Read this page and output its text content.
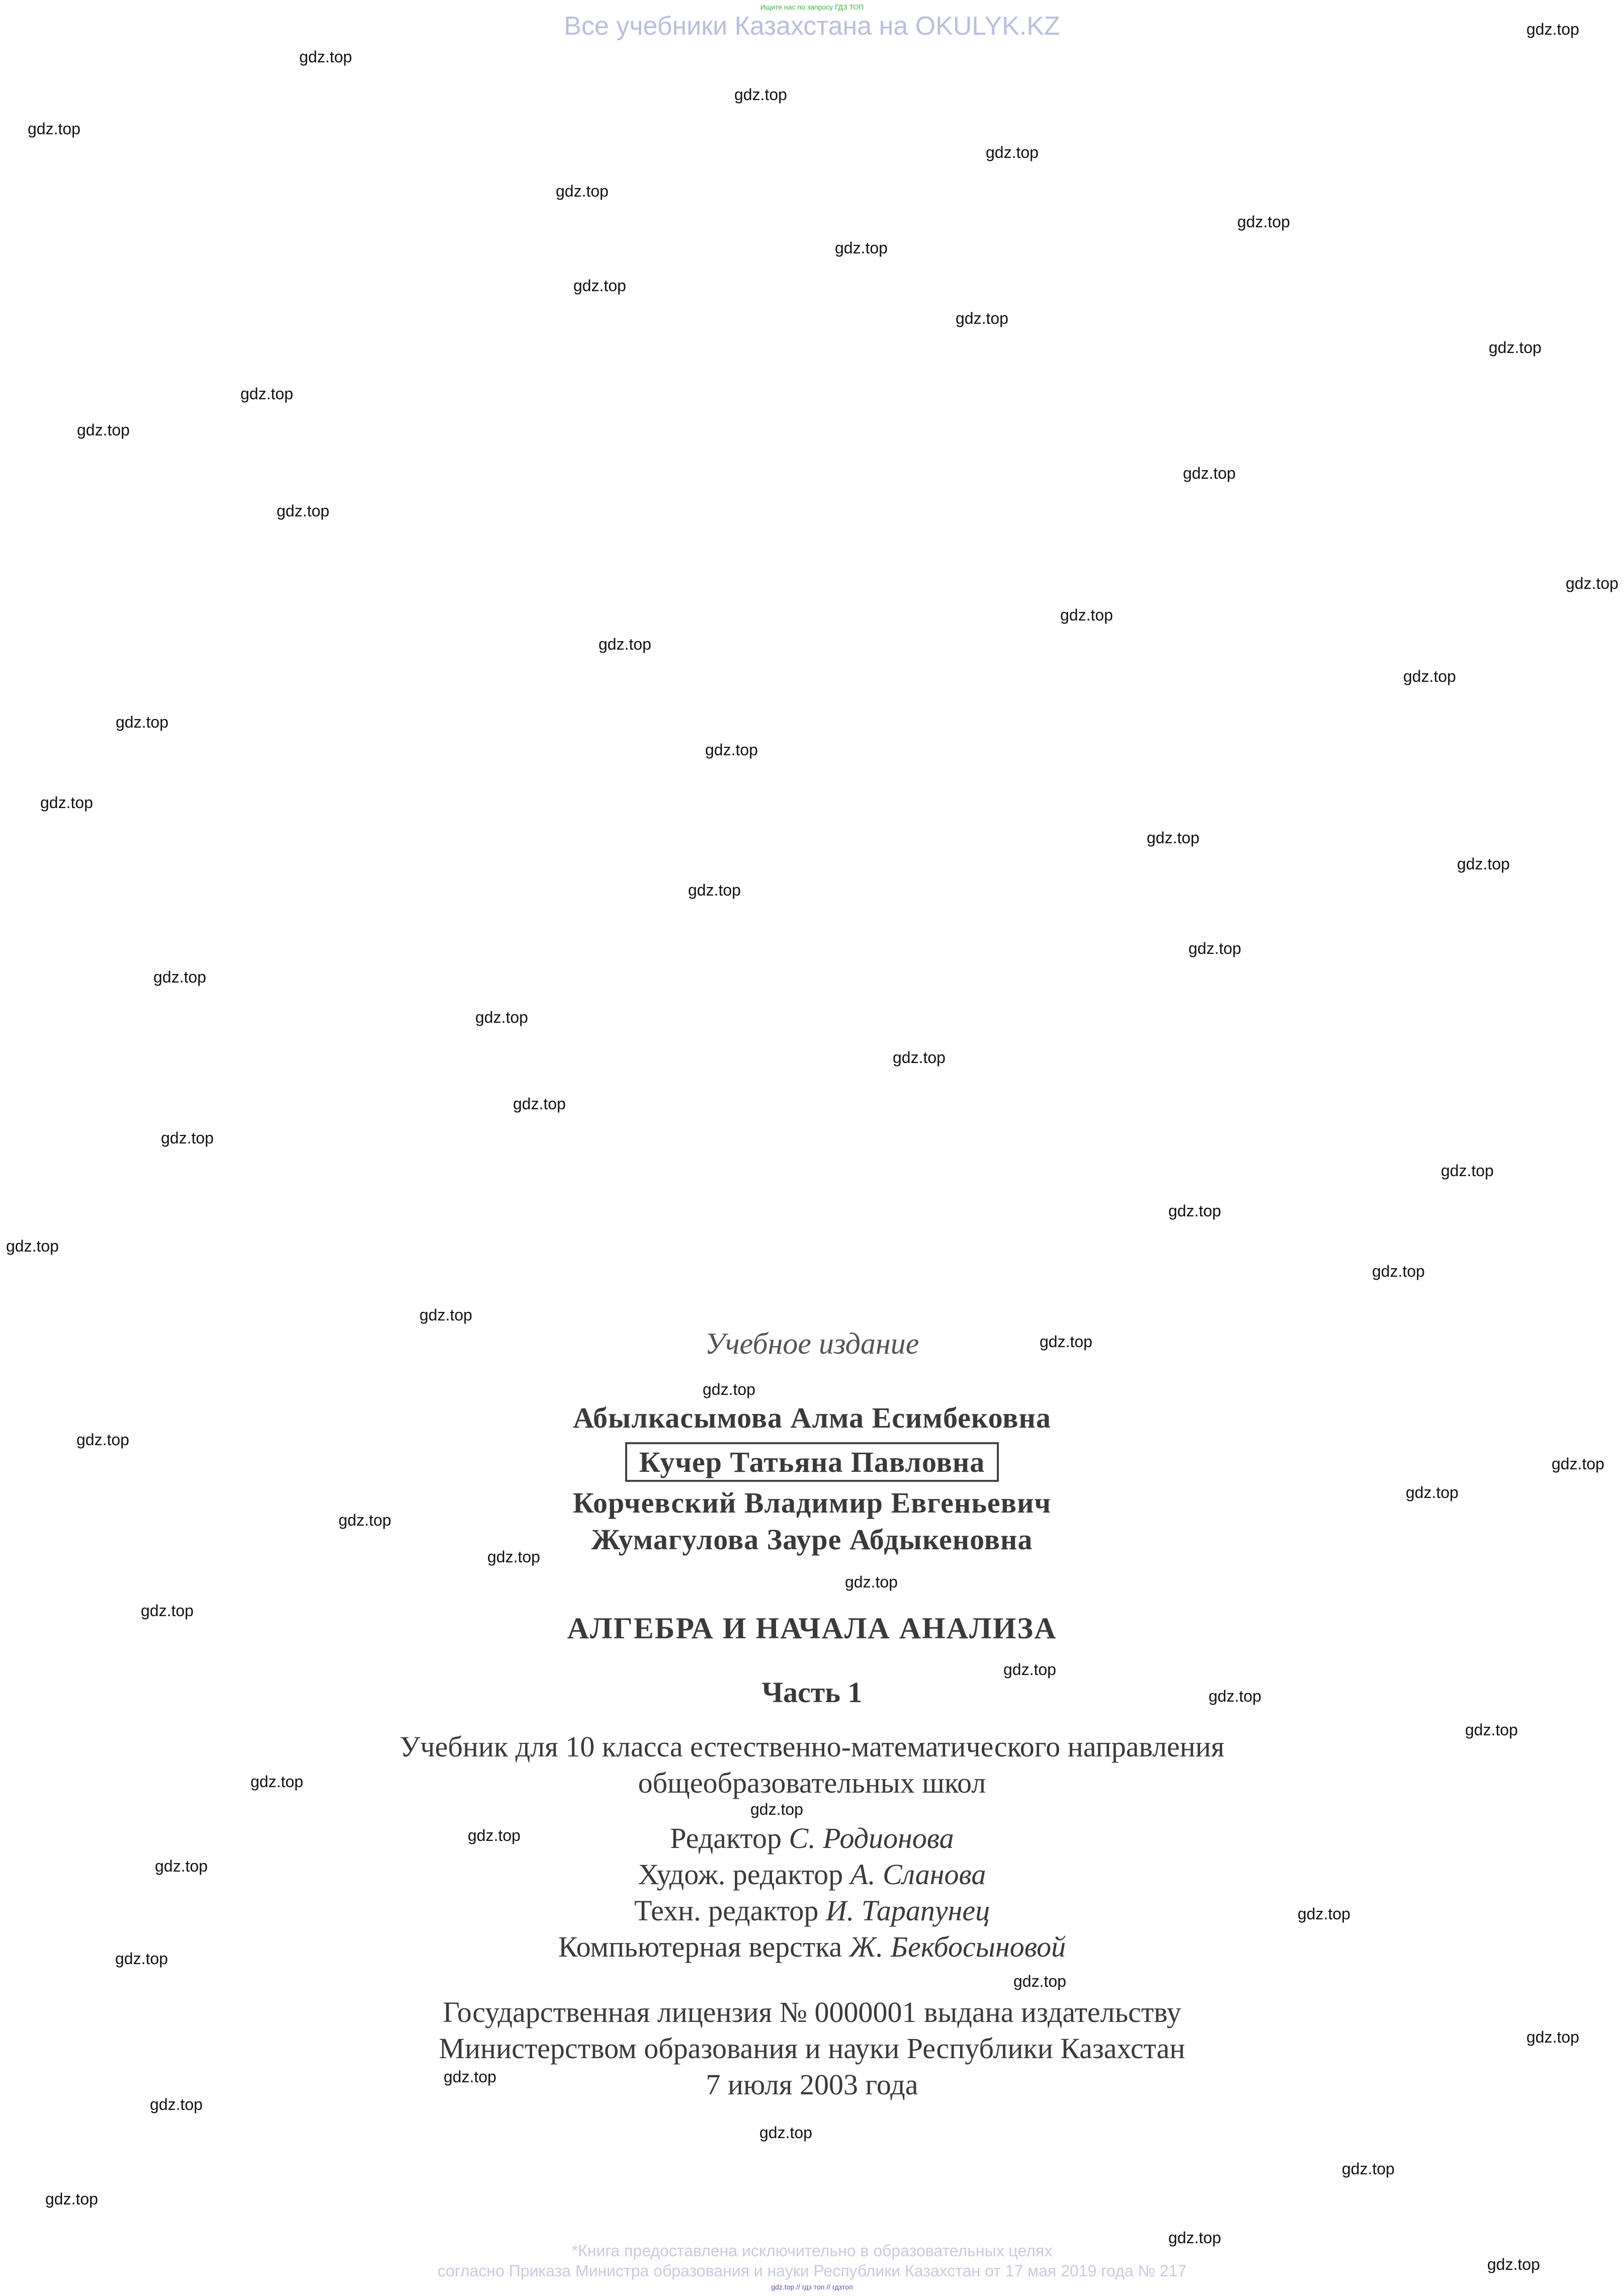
Ищите нас по запросу ГДЗ ТОП
Все учебники Казахстана на OKULYK.KZ	gdz.top
gdz.top
gdz.top
gdz.top
gdz.top
gdz.top
gdz.top
gdz.top
gdz.top
gdz.top
gdz.top
gdz.top
gdz.top
gdz.top
gdz.top
gdz.top
gdz.top
gdz.top
gdz.top
gdz.top
gdz.top
gdz.top
gdz.top
gdz.top
gdz.top
gdz.top
gdz.top
gdz.top
gdz.top
gdz.top
gdz.top
gdz.top
gdz.top
gdz.top
gdz.top
gdz.top
gdz.top
gdz.top
gdz.top
gdz.top
gdz.top
gdz.top
gdz.top
gdz.top
gdz.top
gdz.top
gdz.top
gdz.top
gdz.top
gdz.top
gdz.top
gdz.top
gdz.top
gdz.top
gdz.top
gdz.top
gdz.top
gdz.top
gdz.top
gdz.top
gdz.top
gdz.top
gdz.top
Учебное издание
Абылкасымова Алма Есимбековна
Кучер Татьяна Павловна
Корчевский Владимир Евгеньевич
Жумагулова Зауре Абдыкеновна
АЛГЕБРА И НАЧАЛА АНАЛИЗА
Часть 1
Учебник для 10 класса естественно-математического направления
общеобразовательных школ
Редактор С. Родионова
Худож. редактор А. Сланова
Техн. редактор И. Тарапунец
Компьютерная верстка Ж. Бекбосыновой
Государственная лицензия № 0000001 выдана издательству
Министерством образования и науки Республики Казахстан
7 июля 2003 года
*Книга предоставлена исключительно в образовательных целях
согласно Приказа Министра образования и науки Республики Казахстан от 17 мая 2019 года № 217
gdz.top // гдз топ // гдзтоп
